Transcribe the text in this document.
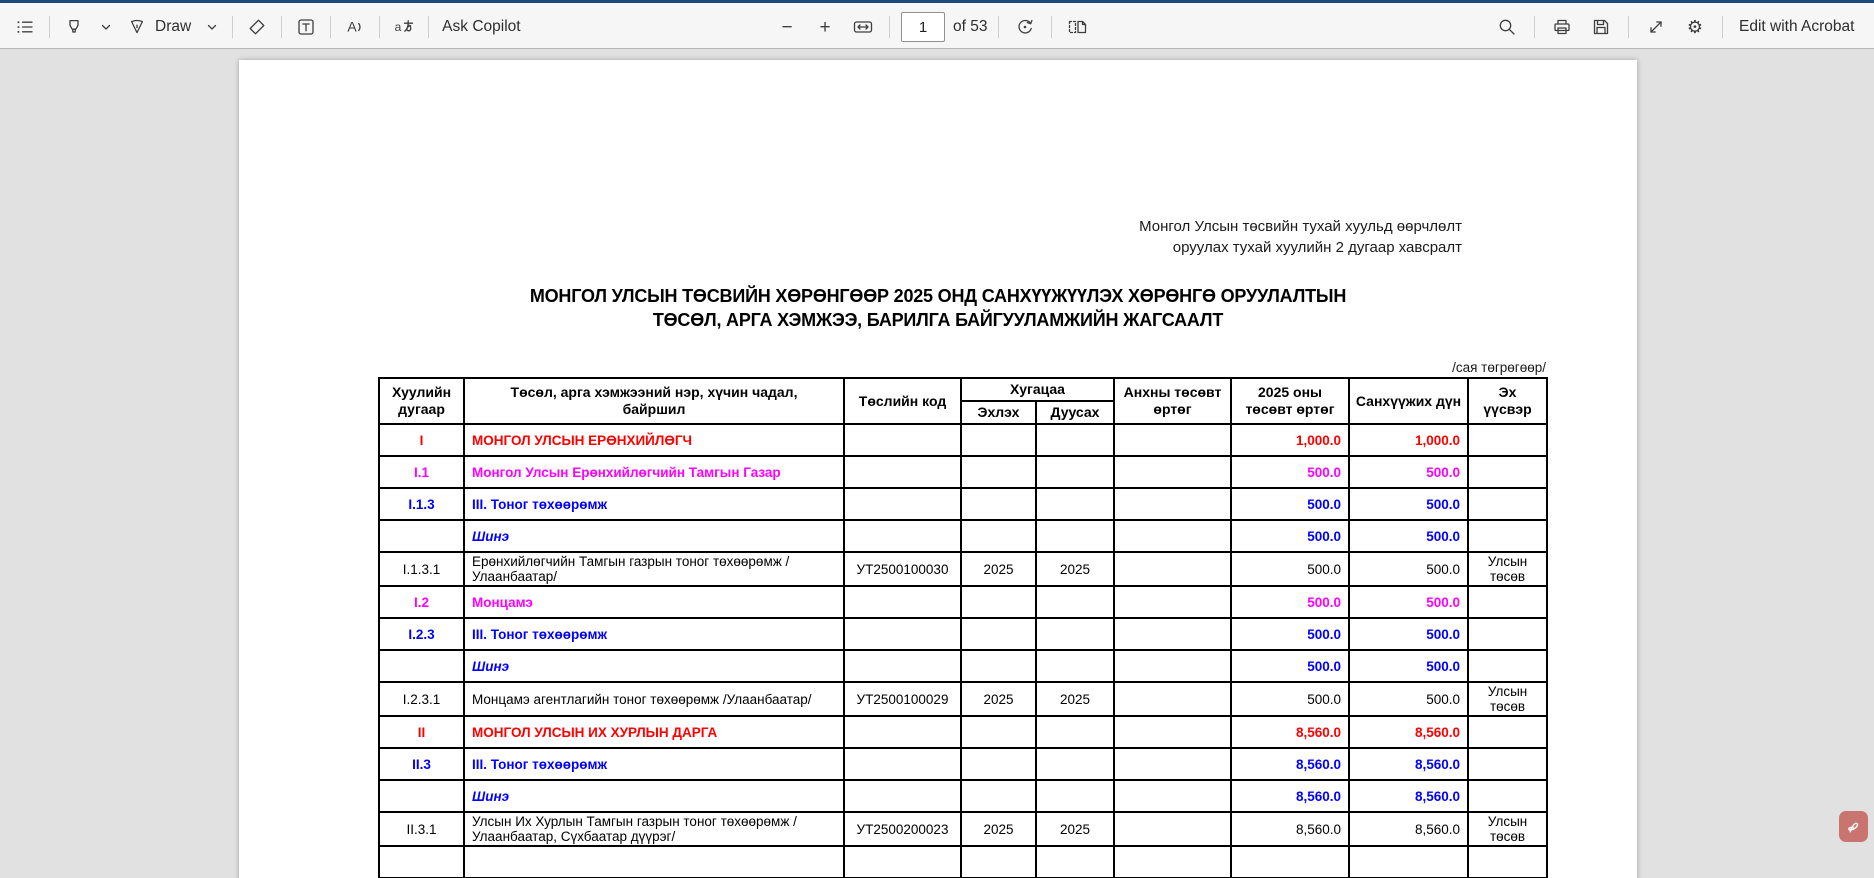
Draw	A	a	Ask Copilot	− +
1	of 53	⚙ Edit with Acrobat
Монгол Улсын төсвийн тухай хуульд өөрчлөлт
оруулах тухай хуулийн 2 дугаар хавсралт
МОНГОЛ УЛСЫН ТӨСВИЙН ХӨРӨНГӨӨР 2025 ОНД САНХҮҮЖҮҮЛЭХ ХӨРӨНГӨ ОРУУЛАЛТЫН
ТӨСӨЛ, АРГА ХЭМЖЭЭ, БАРИЛГА БАЙГУУЛАМЖИЙН ЖАГСААЛТ
/сая төгрөгөөр/
Хуулийн дугаар	Төсөл, арга хэмжээний нэр, хүчин чадал, байршил	Төслийн код	Хугацаа		Анхны төсөвт өртөг	2025 оны төсөвт өртөг	Санхүүжих дүн	Эх үүсвэр
			Эхлэх	Дуусах				
I	МОНГОЛ УЛСЫН ЕРӨНХИЙЛӨГЧ					1,000.0	1,000.0	
I.1	Монгол Улсын Ерөнхийлөгчийн Тамгын Газар					500.0	500.0	
I.1.3	III. Тоног төхөөрөмж					500.0	500.0	
	Шинэ					500.0	500.0	
I.1.3.1	Ерөнхийлөгчийн Тамгын газрын тоног төхөөрөмж /Улаанбаатар/	УТ2500100030	2025	2025		500.0	500.0	Улсын төсөв
I.2	Монцамэ					500.0	500.0	
I.2.3	III. Тоног төхөөрөмж					500.0	500.0	
	Шинэ					500.0	500.0	
I.2.3.1	Монцамэ агентлагийн тоног төхөөрөмж /Улаанбаатар/	УТ2500100029	2025	2025		500.0	500.0	Улсын төсөв
II	МОНГОЛ УЛСЫН ИХ ХУРЛЫН ДАРГА					8,560.0	8,560.0	
II.3	III. Тоног төхөөрөмж					8,560.0	8,560.0	
	Шинэ					8,560.0	8,560.0	
II.3.1	Улсын Их Хурлын Тамгын газрын тоног төхөөрөмж /Улаанбаатар, Сүхбаатар дүүрэг/	УТ2500200023	2025	2025		8,560.0	8,560.0	Улсын төсөв
